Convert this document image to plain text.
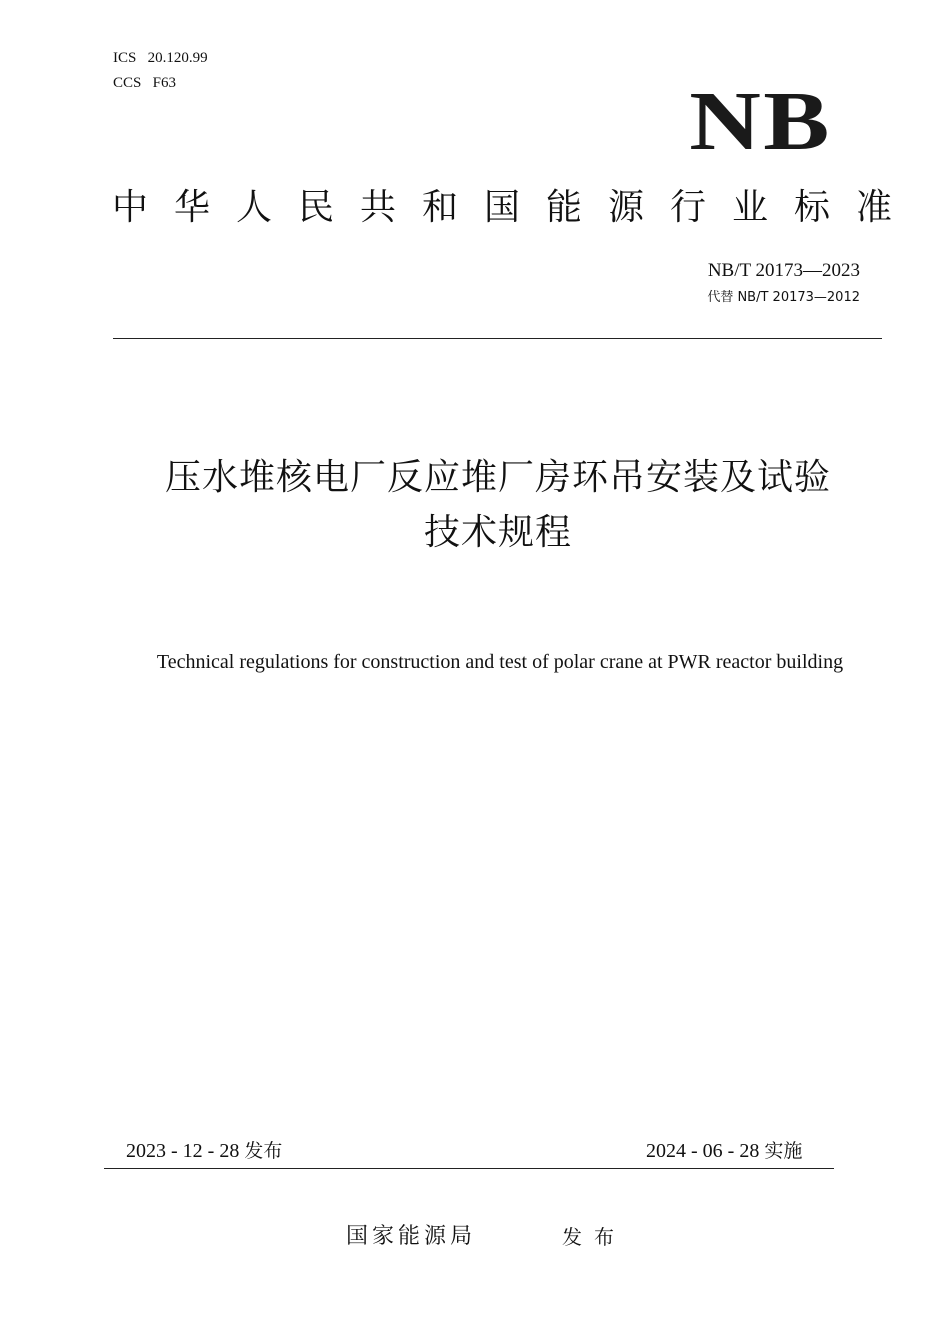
ICS   20.120.99
CCS   F63	NB
中华人民共和国能源行业标准
NB/T 20173—2023
代替 NB/T 20173—2012
压水堆核电厂反应堆厂房环吊安装及试验
技术规程
Technical regulations for construction and test of polar crane at PWR reactor building
2023 - 12 - 28 发布	2024 - 06 - 28 实施
国家能源局	发布
